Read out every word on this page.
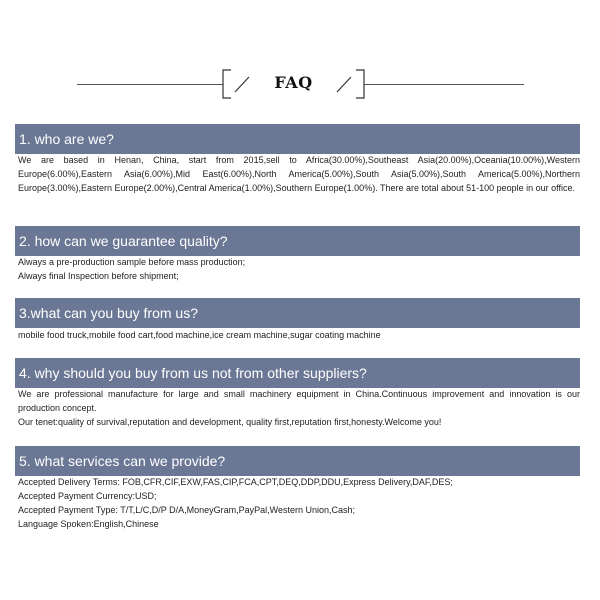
FAQ
1. who are we?

We are based in Henan, China, start from 2015,sell to Africa(30.00%),Southeast Asia(20.00%),Oceania(10.00%),Western Europe(6.00%),Eastern Asia(6.00%),Mid East(6.00%),North America(5.00%),South Asia(5.00%),South America(5.00%),Northern Europe(3.00%),Eastern Europe(2.00%),Central America(1.00%),Southern Europe(1.00%). There are total about 51-100 people in our office.

2. how can we guarantee quality?

Always a pre-production sample before mass production;

Always final Inspection before shipment;

3.what can you buy from us?

mobile food truck,mobile food cart,food machine,ice cream machine,sugar coating machine

4. why should you buy from us not from other suppliers?

We are professional manufacture for large and small machinery equipment in China.Continuous improvement and innovation is our production concept.

Our tenet:quality of survival,reputation and development, quality first,reputation first,honesty.Welcome you!

5. what services can we provide?

Accepted Delivery Terms: FOB,CFR,CIF,EXW,FAS,CIP,FCA,CPT,DEQ,DDP,DDU,Express Delivery,DAF,DES;

Accepted Payment Currency:USD;

Accepted Payment Type: T/T,L/C,D/P D/A,MoneyGram,PayPal,Western Union,Cash;

Language Spoken:English,Chinese
